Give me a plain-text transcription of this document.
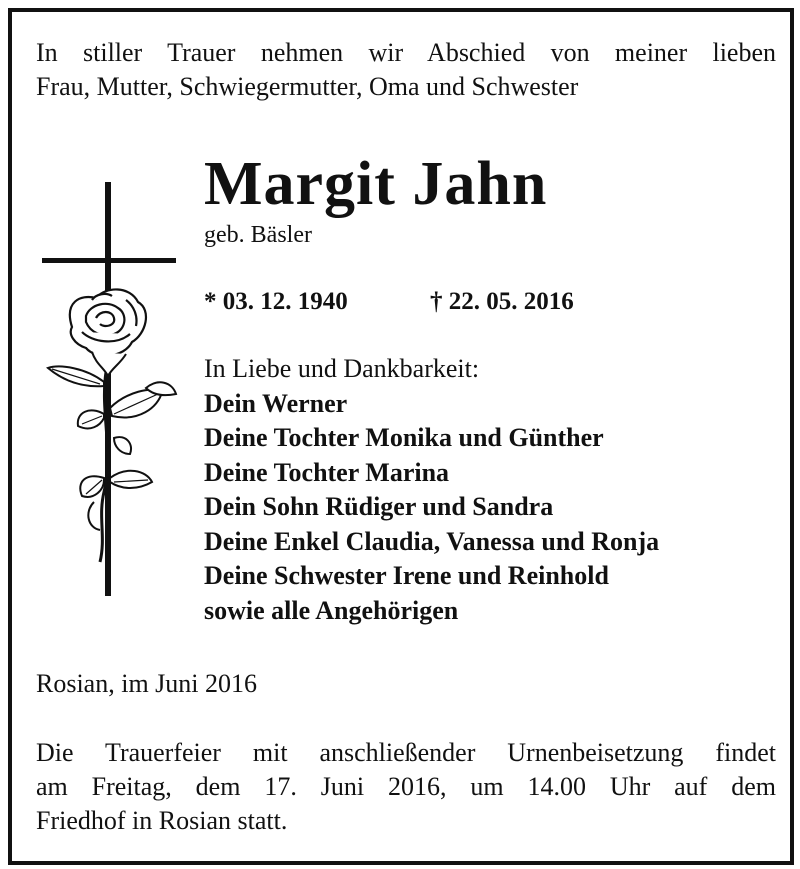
In stiller Trauer nehmen wir Abschied von meiner lieben
Frau, Mutter, Schwiegermutter, Oma und Schwester
Margit Jahn
geb. Bäsler
* 03. 12. 1940	† 22. 05. 2016
In Liebe und Dankbarkeit:
Dein Werner
Deine Tochter Monika und Günther
Deine Tochter Marina
Dein Sohn Rüdiger und Sandra
Deine Enkel Claudia, Vanessa und Ronja
Deine Schwester Irene und Reinhold
sowie alle Angehörigen
Rosian, im Juni 2016
Die Trauerfeier mit anschließender Urnenbeisetzung findet
am Freitag, dem 17. Juni 2016, um 14.00 Uhr auf dem
Friedhof in Rosian statt.
